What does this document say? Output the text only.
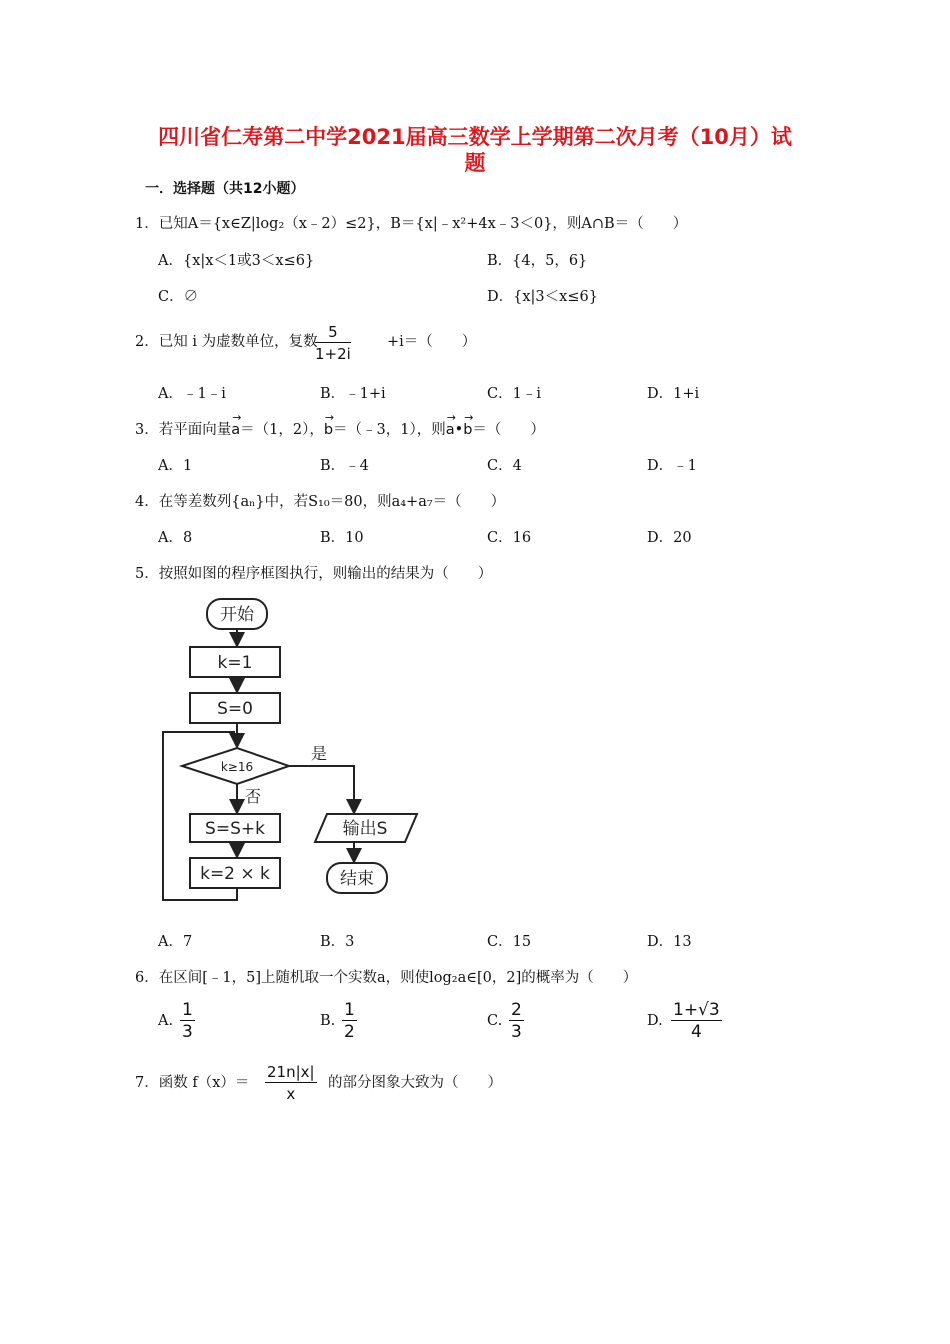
四川省仁寿第二中学2021届高三数学上学期第二次月考（10月）试
题
一．选择题（共12小题）
1．已知A＝{x∈Z|log₂（x﹣2）≤2}，B＝{x|﹣x²+4x﹣3＜0}，则A∩B＝（　　）
A．{x|x＜1或3＜x≤6}	B．{4，5，6}
C．∅	D．{x|3＜x≤6}
2．已知 i 为虚数单位，复数
$\frac{5}{1+2i} +i=$（　　）
A．﹣1﹣i	B．﹣1+i	C．1﹣i	D．1+i
3．若平面向量→ a＝（1，2），→ b＝（﹣3，1），则→ a•→ b＝（　　）
A．1	B．﹣4	C．4	D．﹣1
4．在等差数列{aₙ}中，若S₁₀＝80，则a₄+a₇＝（　　）
A．8	B．10	C．16	D．20
5．按照如图的程序框图执行，则输出的结果为（　　）
开始
k=1
S=0
k≥16
是
否
S=S+k
k=2 × k
输出S
结束
A．7	B．3	C．15	D．13
6．在区间[﹣1，5]上随机取一个实数a，则使log₂a∈[0，2]的概率为（　　）
A. $\frac{1}{3}$	B. $\frac{1}{2}$	C. $\frac{2}{3}$	D. $\frac{1+√3}{4}$
7．函数 $f(x)= \frac{21n|x|}{x}$ 的部分图象大致为（　　）
